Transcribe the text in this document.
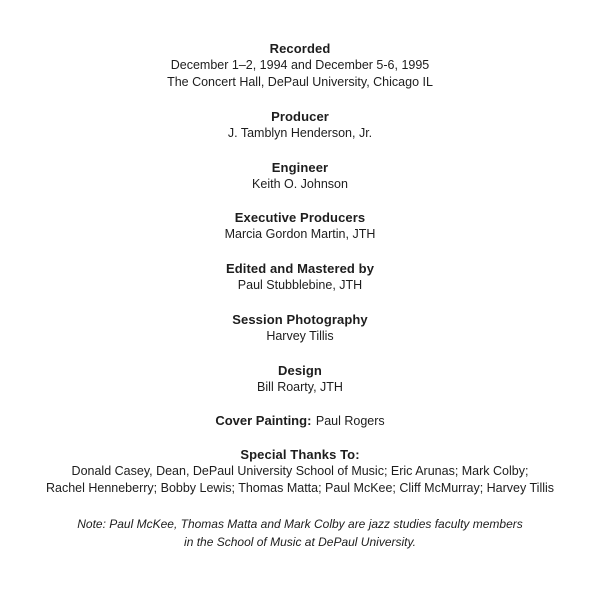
Recorded
December 1–2, 1994 and December 5-6, 1995
The Concert Hall, DePaul University, Chicago IL
Producer
J. Tamblyn Henderson, Jr.
Engineer
Keith O. Johnson
Executive Producers
Marcia Gordon Martin, JTH
Edited and Mastered by
Paul Stubblebine, JTH
Session Photography
Harvey Tillis
Design
Bill Roarty, JTH
Cover Painting: Paul Rogers
Special Thanks To:
Donald Casey, Dean, DePaul University School of Music; Eric Arunas; Mark Colby;
Rachel Henneberry; Bobby Lewis; Thomas Matta; Paul McKee; Cliff McMurray; Harvey Tillis
Note: Paul McKee, Thomas Matta and Mark Colby are jazz studies faculty members
in the School of Music at DePaul University.
